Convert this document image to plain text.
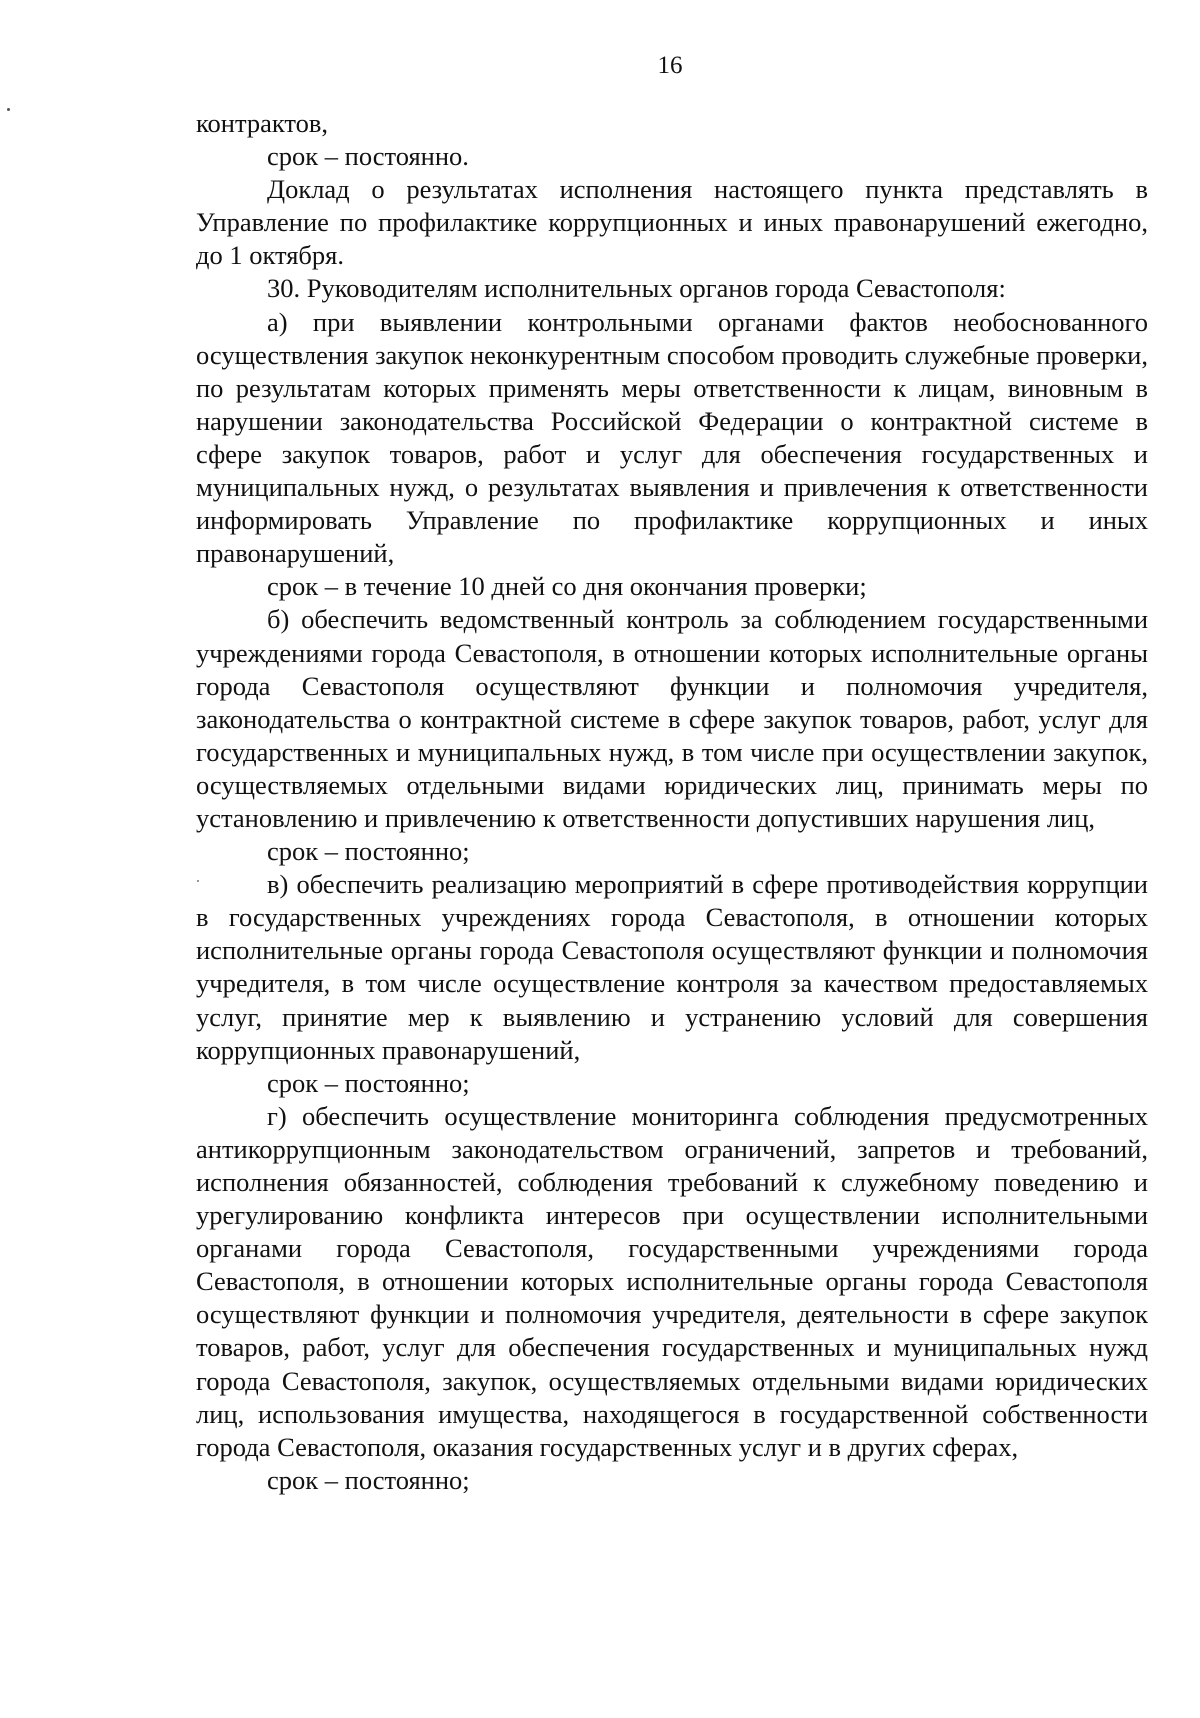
16

контрактов,

срок – постоянно.

Доклад о результатах исполнения настоящего пункта представлять в Управление по профилактике коррупционных и иных правонарушений ежегодно, до 1 октября.

30. Руководителям исполнительных органов города Севастополя:

а) при выявлении контрольными органами фактов необоснованного осуществления закупок неконкурентным способом проводить служебные проверки, по результатам которых применять меры ответственности к лицам, виновным в нарушении законодательства Российской Федерации о контрактной системе в сфере закупок товаров, работ и услуг для обеспечения государственных и муниципальных нужд, о результатах выявления и привлечения к ответственности информировать Управление по профилактике коррупционных и иных правонарушений,

срок – в течение 10 дней со дня окончания проверки;

б) обеспечить ведомственный контроль за соблюдением государственными учреждениями города Севастополя, в отношении которых исполнительные органы города Севастополя осуществляют функции и полномочия учредителя, законодательства о контрактной системе в сфере закупок товаров, работ, услуг для государственных и муниципальных нужд, в том числе при осуществлении закупок, осуществляемых отдельными видами юридических лиц, принимать меры по установлению и привлечению к ответственности допустивших нарушения лиц,

срок – постоянно;

в) обеспечить реализацию мероприятий в сфере противодействия коррупции в государственных учреждениях города Севастополя, в отношении которых исполнительные органы города Севастополя осуществляют функции и полномочия учредителя, в том числе осуществление контроля за качеством предоставляемых услуг, принятие мер к выявлению и устранению условий для совершения коррупционных правонарушений,

срок – постоянно;

г) обеспечить осуществление мониторинга соблюдения предусмотренных антикоррупционным законодательством ограничений, запретов и требований, исполнения обязанностей, соблюдения требований к служебному поведению и урегулированию конфликта интересов при осуществлении исполнительными органами города Севастополя, государственными учреждениями города Севастополя, в отношении которых исполнительные органы города Севастополя осуществляют функции и полномочия учредителя, деятельности в сфере закупок товаров, работ, услуг для обеспечения государственных и муниципальных нужд города Севастополя, закупок, осуществляемых отдельными видами юридических лиц, использования имущества, находящегося в государственной собственности города Севастополя, оказания государственных услуг и в других сферах,

срок – постоянно;
